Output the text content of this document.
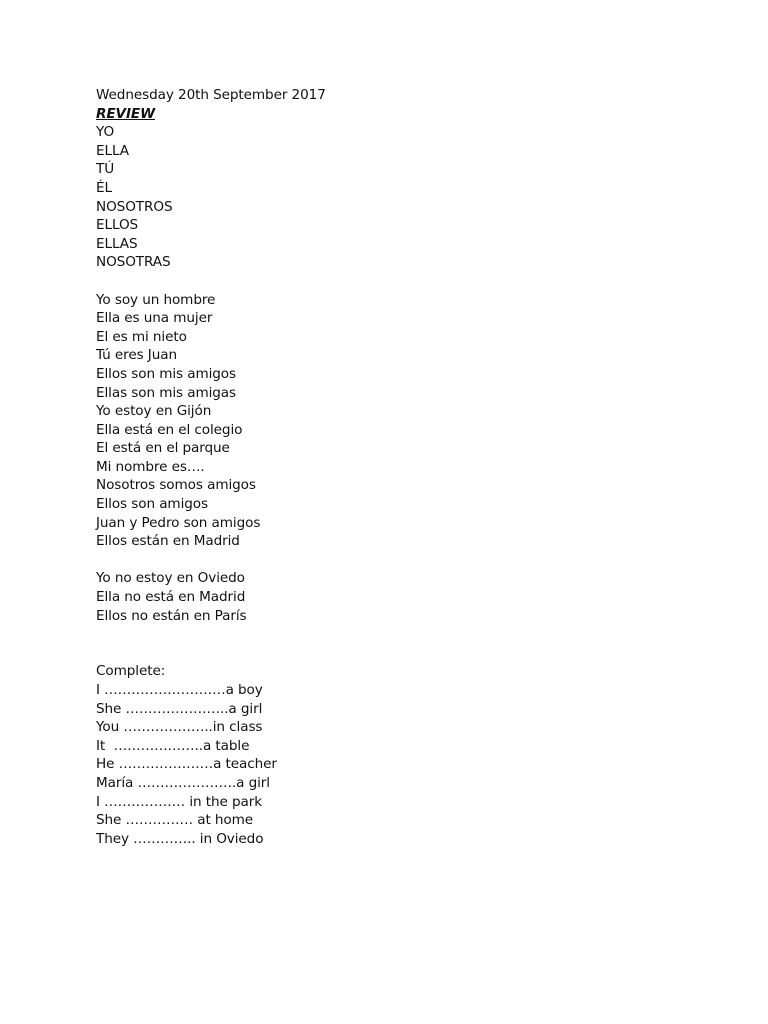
Wednesday 20th September 2017
REVIEW
YO
ELLA
TÚ
ÉL
NOSOTROS
ELLOS
ELLAS
NOSOTRAS
Yo soy un hombre
Ella es una mujer
El es mi nieto
Tú eres Juan
Ellos son mis amigos
Ellas son mis amigas
Yo estoy en Gijón
Ella está en el colegio
El está en el parque
Mi nombre es….
Nosotros somos amigos
Ellos son amigos
Juan y Pedro son amigos
Ellos están en Madrid
Yo no estoy en Oviedo
Ella no está en Madrid
Ellos no están en París
Complete:
I ………………………a boy
She …………………..a girl
You ………………..in class
It  ………………..a table
He …………………a teacher
María ………………….a girl
I ……………… in the park
She …………… at home
They ………….. in Oviedo
